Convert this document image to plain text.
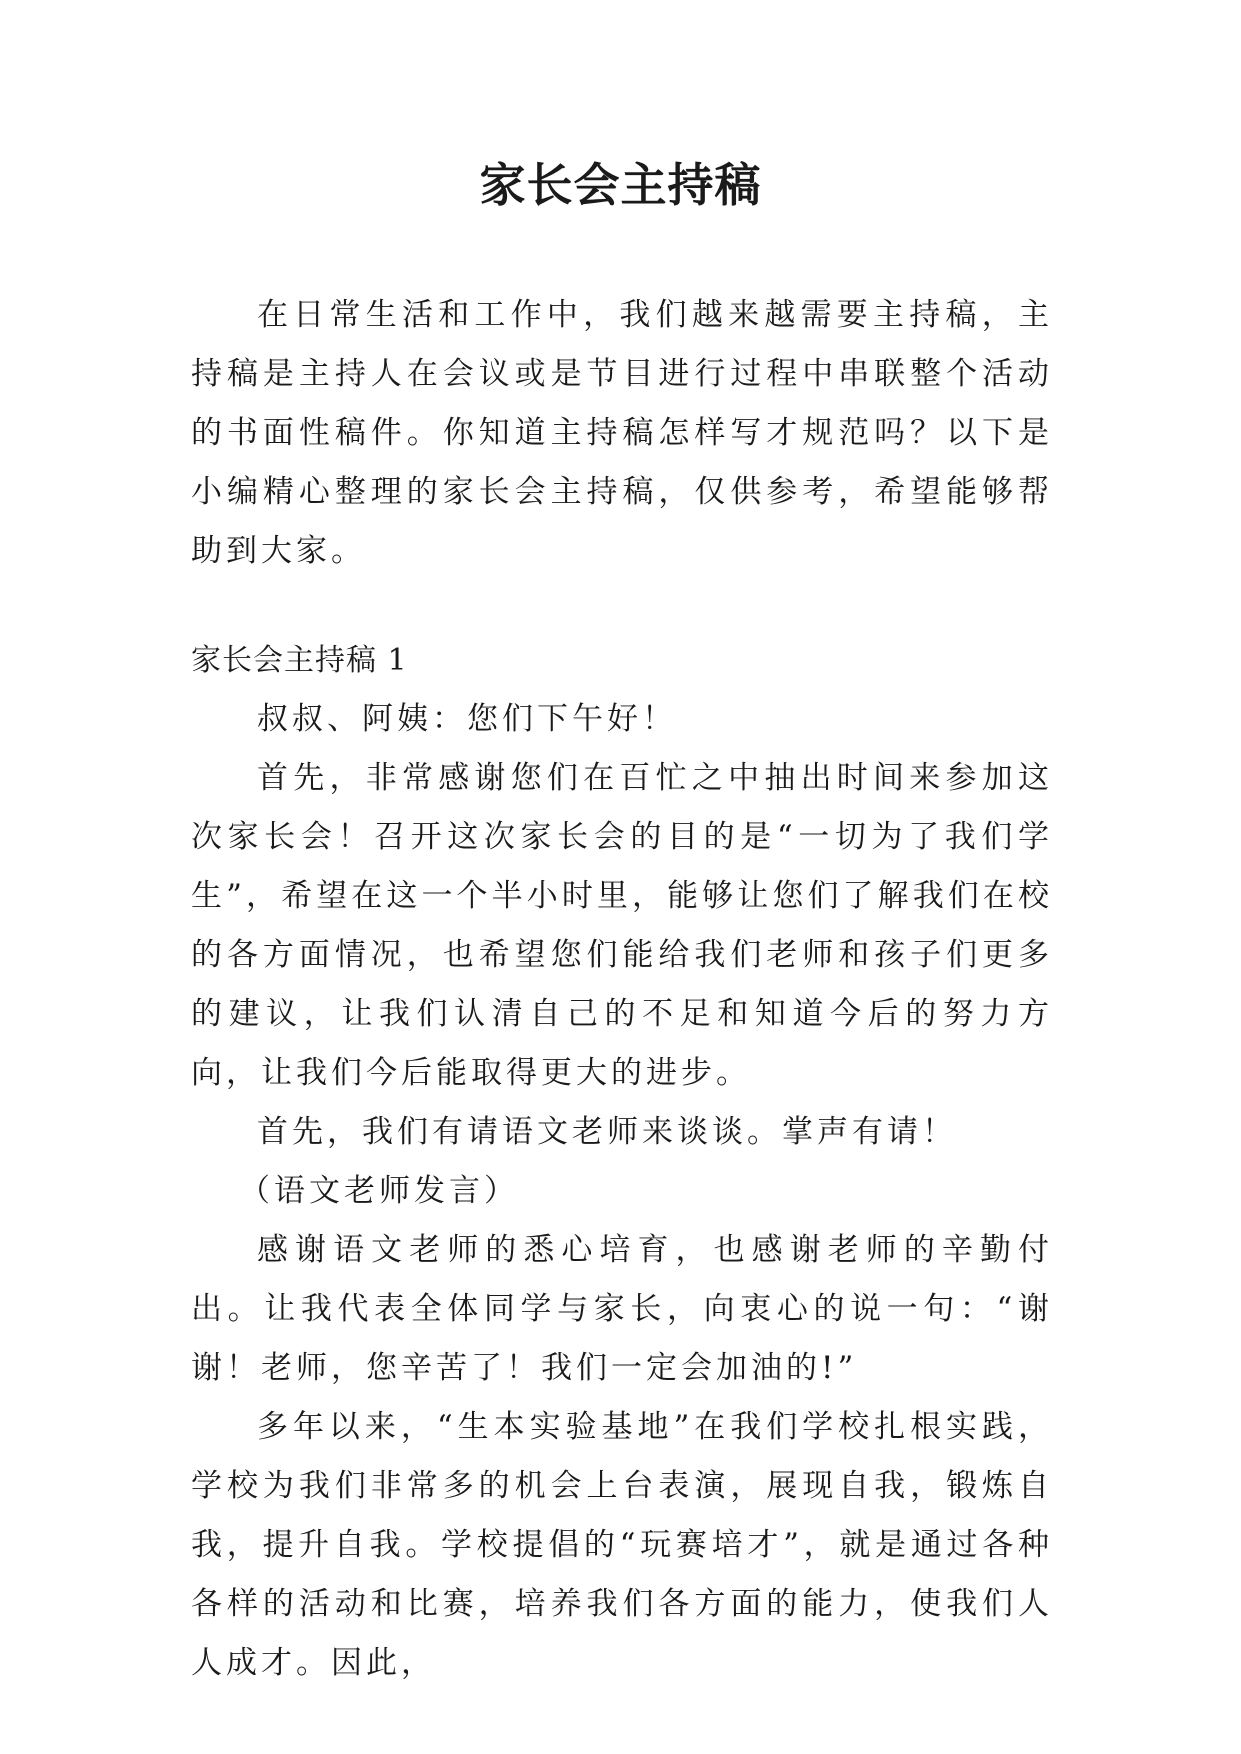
家长会主持稿

在日常生活和工作中，我们越来越需要主持稿，主持稿是主持人在会议或是节目进行过程中串联整个活动的书面性稿件。你知道主持稿怎样写才规范吗？以下是小编精心整理的家长会主持稿，仅供参考，希望能够帮助到大家。

家长会主持稿 1

叔叔、阿姨：您们下午好！

首先，非常感谢您们在百忙之中抽出时间来参加这次家长会！召开这次家长会的目的是“一切为了我们学生”，希望在这一个半小时里，能够让您们了解我们在校的各方面情况，也希望您们能给我们老师和孩子们更多的建议，让我们认清自己的不足和知道今后的努力方向，让我们今后能取得更大的进步。

首先，我们有请语文老师来谈谈。掌声有请！

（语文老师发言）

感谢语文老师的悉心培育，也感谢老师的辛勤付出。让我代表全体同学与家长，向衷心的说一句：“谢谢！老师，您辛苦了！我们一定会加油的!”

多年以来，“生本实验基地”在我们学校扎根实践，学校为我们非常多的机会上台表演，展现自我，锻炼自我，提升自我。学校提倡的“玩赛培才”，就是通过各种各样的活动和比赛，培养我们各方面的能力，使我们人人成才。因此，
